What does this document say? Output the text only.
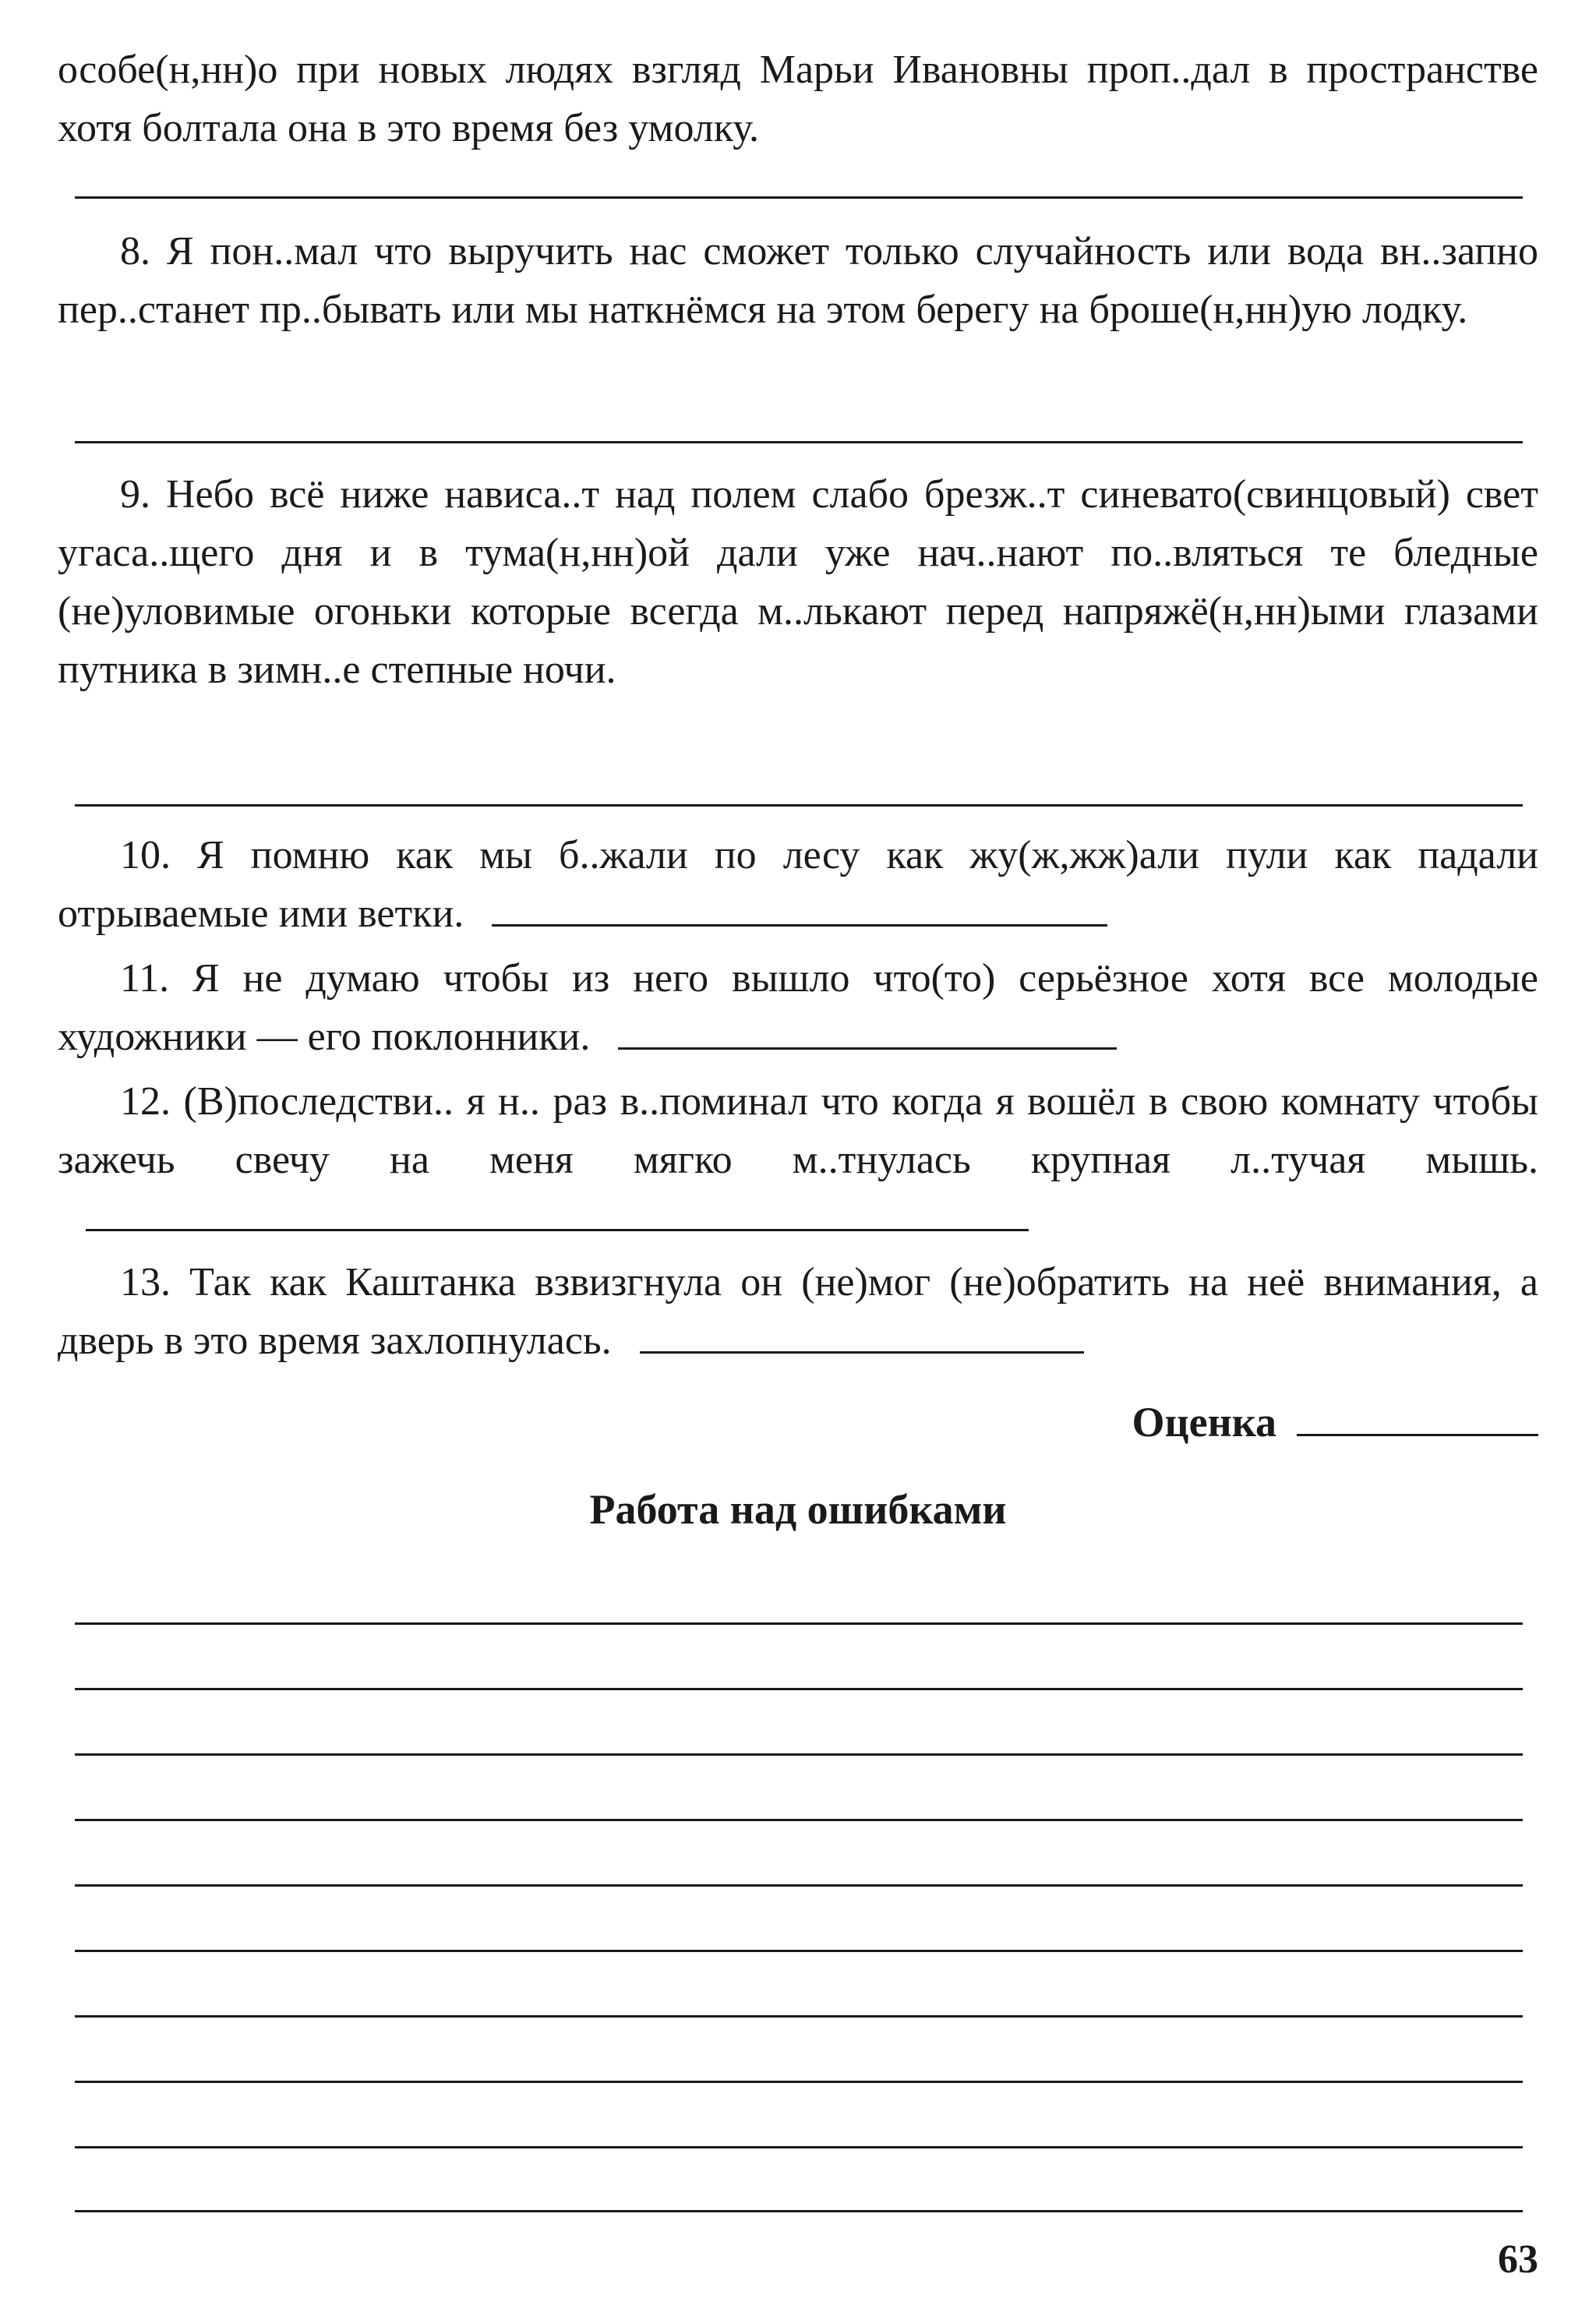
особе(н,нн)о при новых людях взгляд Марьи Ивановны проп..дал в пространстве хотя болтала она в это время без умолку.

8. Я пон..мал что выручить нас сможет только случайность или вода вн..запно пер..станет пр..бывать или мы наткнёмся на этом берегу на броше(н,нн)ую лодку.

9. Небо всё ниже нависа..т над полем слабо брезж..т синевато(свинцовый) свет угаса..щего дня и в тума(н,нн)ой дали уже нач..нают по..вляться те бледные (не)уловимые огоньки которые всегда м..лькают перед напряжё(н,нн)ыми глазами путника в зимн..е степные ночи.

10. Я помню как мы б..жали по лесу как жу(ж,жж)али пули как падали отрываемые ими ветки.

11. Я не думаю чтобы из него вышло что(то) серьёзное хотя все молодые художники — его поклонники.

12. (В)последстви.. я н.. раз в..поминал что когда я вошёл в свою комнату чтобы зажечь свечу на меня мягко м..тнулась крупная л..тучая мышь.

13. Так как Каштанка взвизгнула он (не)мог (не)обратить на неё внимания, а дверь в это время захлопнулась.

Оценка

Работа над ошибками

63
